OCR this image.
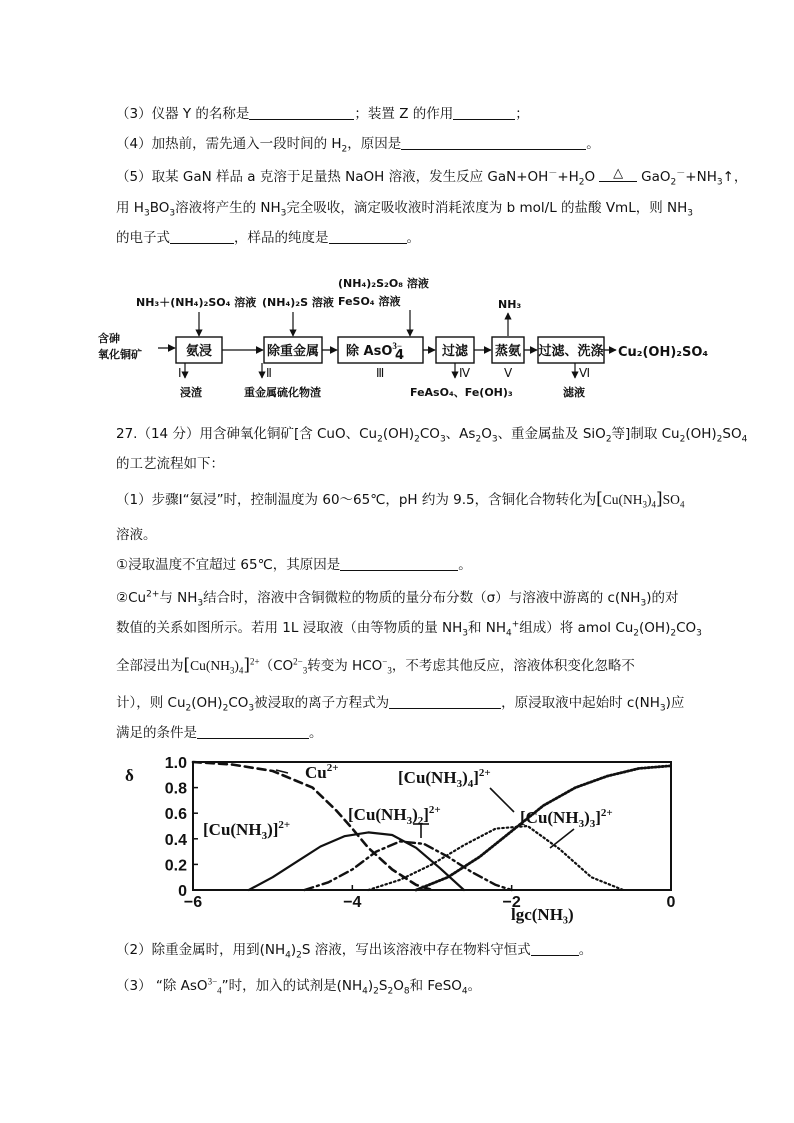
（3）仪器 Y 的名称是	；装置 Z 的作用	；
（4）加热前，需先通入一段时间的 $H_2$，原因是	。
（5）取某 GaN 样品 a 克溶于足量热 NaOH 溶液，发生反应 $GaN+OH^-+H_2O$ △ $GaO_2^-+NH_3↑$，
用 $H_3BO_3$溶液将产生的 $NH_3$完全吸收，滴定吸收液时消耗浓度为 b mol/L 的盐酸 VmL，则 $NH_3$
的电子式	，样品的纯度是	。
含砷
氧化铜矿
NH₃＋(NH₄)₂SO₄ 溶液 (NH₄)₂S 溶液
(NH₄)₂S₂O₈ 溶液
FeSO₄ 溶液	NH₃
氨浸	除重金属 除 AsO$^{3-}$
4	过滤 蒸氨 过滤、洗涤 Cu₂(OH)₂SO₄
Ⅰ	Ⅱ	Ⅲ	Ⅳ	Ⅴ	Ⅵ
浸渣	重金属硫化物渣	FeAsO₄、Fe(OH)₃	滤液
27.（14 分）用含砷氧化铜矿[含 CuO、$Cu_2(OH)_2CO_3$、$As_2O_3$、重金属盐及 SiO$_2$等]制取 $Cu_2(OH)_2SO_4$
的工艺流程如下：
（1）步骤Ⅰ“氨浸”时，控制温度为 60～65℃，pH 约为 9.5，含铜化合物转化为$[Cu(NH_3)_4]SO_4$
溶液。
①浸取温度不宜超过 65℃，其原因是	。
$②Cu^{2+}$与 $NH_3$结合时，溶液中含铜微粒的物质的量分布分数（σ）与溶液中游离的 $c(NH_3)$的对
数值的关系如图所示。若用 1L 浸取液（由等物质的量 $NH_3$和 $NH_4^+$组成）将 amol $Cu_2(OH)_2CO_3$
全部浸出为$[Cu(NH_3)_4]^{2+}(CO^{2-}_3$转变为 $HCO^-_3$，不考虑其他反应，溶液体积变化忽略不
计），则 $Cu_2(OH)_2CO_3$被浸取的离子方程式为	，原浸取液中起始时 $c(NH_3)$应
满足的条件是	。
0
0.2
0.4
0.6
0.8
1.0
−6	−4	−2	0
δ
lgc(NH₃)
$Cu^{2+}$
$[Cu(NH_3)]^{2+}$
$[Cu(NH_3)_2]^{2+}$
$[Cu(NH_3)_4]^{2+}$
$[Cu(NH_3)_3]^{2+}$
（2）除重金属时，用到$(NH_4)_2S$ 溶液，写出该溶液中存在物料守恒式	。
（3） “除 AsO$^{3-}_4$”时，加入的试剂是$(NH_4)_2S_2O_8$和 FeSO$_4$。
